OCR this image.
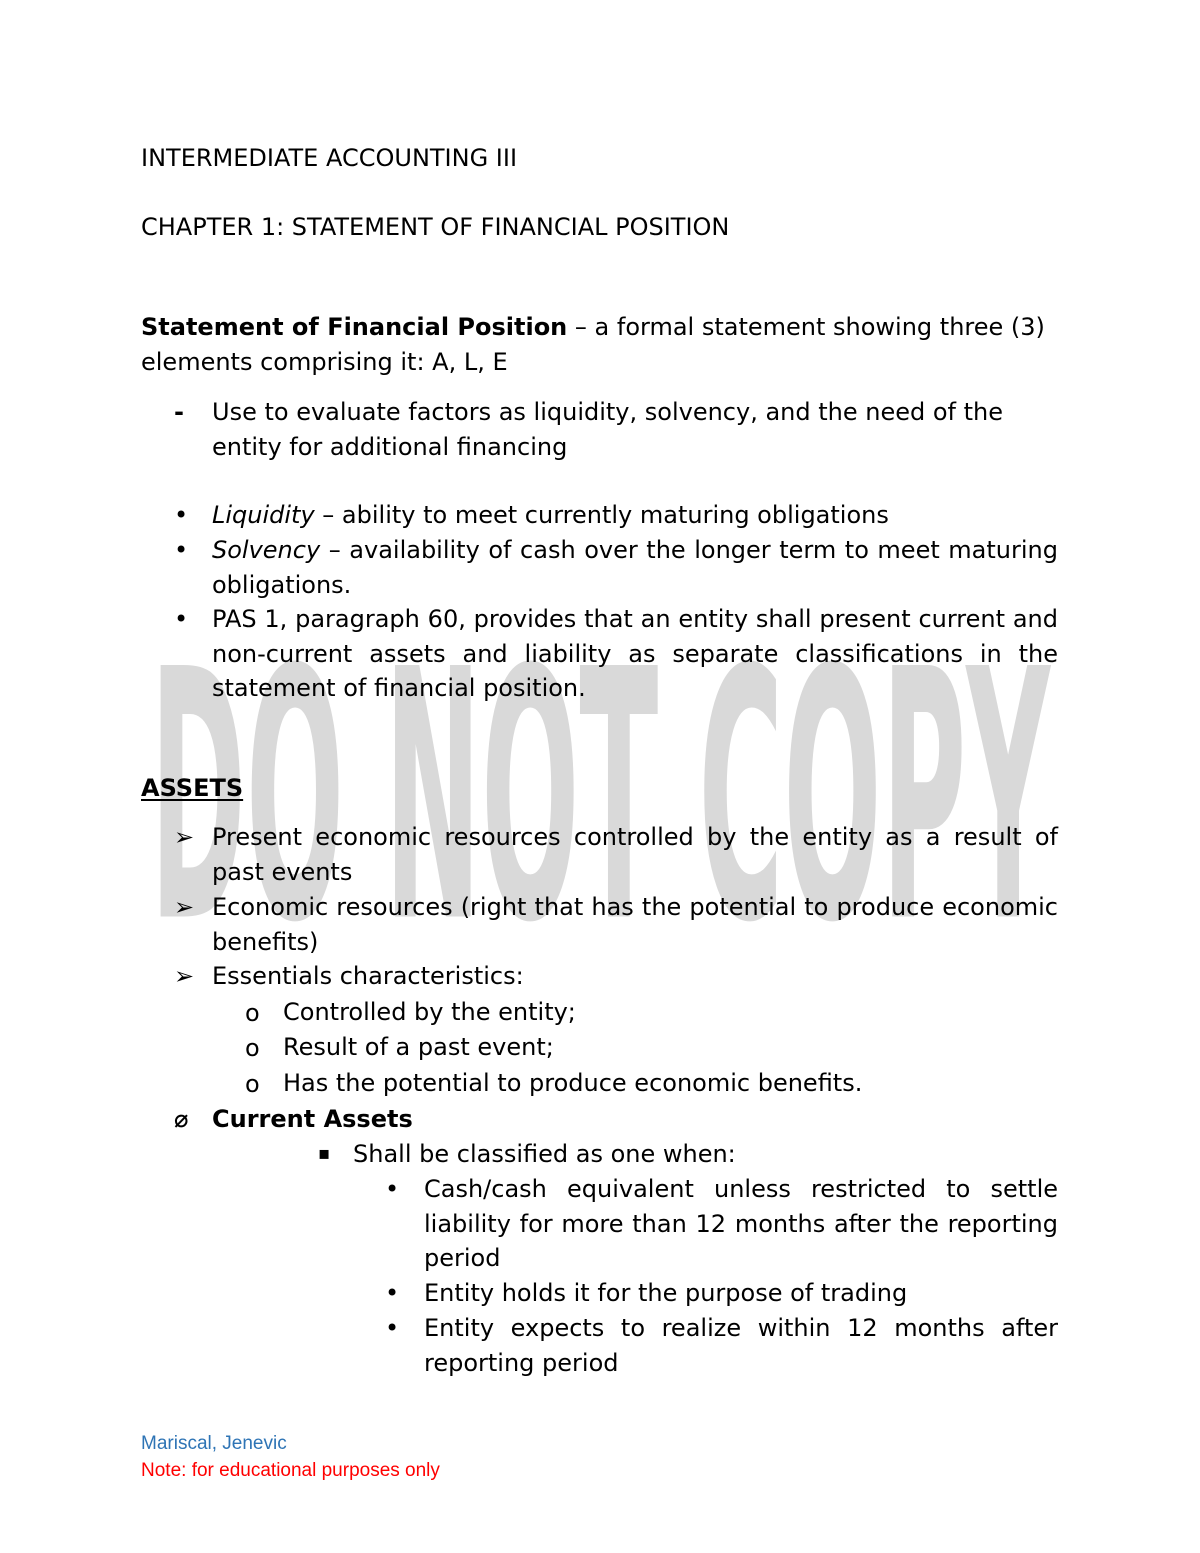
DO NOT COPY
INTERMEDIATE ACCOUNTING III
CHAPTER 1: STATEMENT OF FINANCIAL POSITION
Statement of Financial Position – a formal statement showing three (3) elements comprising it: A, L, E
- Use to evaluate factors as liquidity, solvency, and the need of the entity for additional financing
• Liquidity – ability to meet currently maturing obligations
• Solvency – availability of cash over the longer term to meet maturing obligations.
• PAS 1, paragraph 60, provides that an entity shall present current and non-current assets and liability as separate classifications in the statement of financial position.
ASSETS
➢ Present economic resources controlled by the entity as a result of past events
➢ Economic resources (right that has the potential to produce economic benefits)
➢ Essentials characteristics:
o Controlled by the entity;
o Result of a past event;
o Has the potential to produce economic benefits.
⌀ Current Assets
▪ Shall be classified as one when:
• Cash/cash equivalent unless restricted to settle liability for more than 12 months after the reporting period
• Entity holds it for the purpose of trading
• Entity expects to realize within 12 months after reporting period
Mariscal, Jenevic
Note: for educational purposes only
